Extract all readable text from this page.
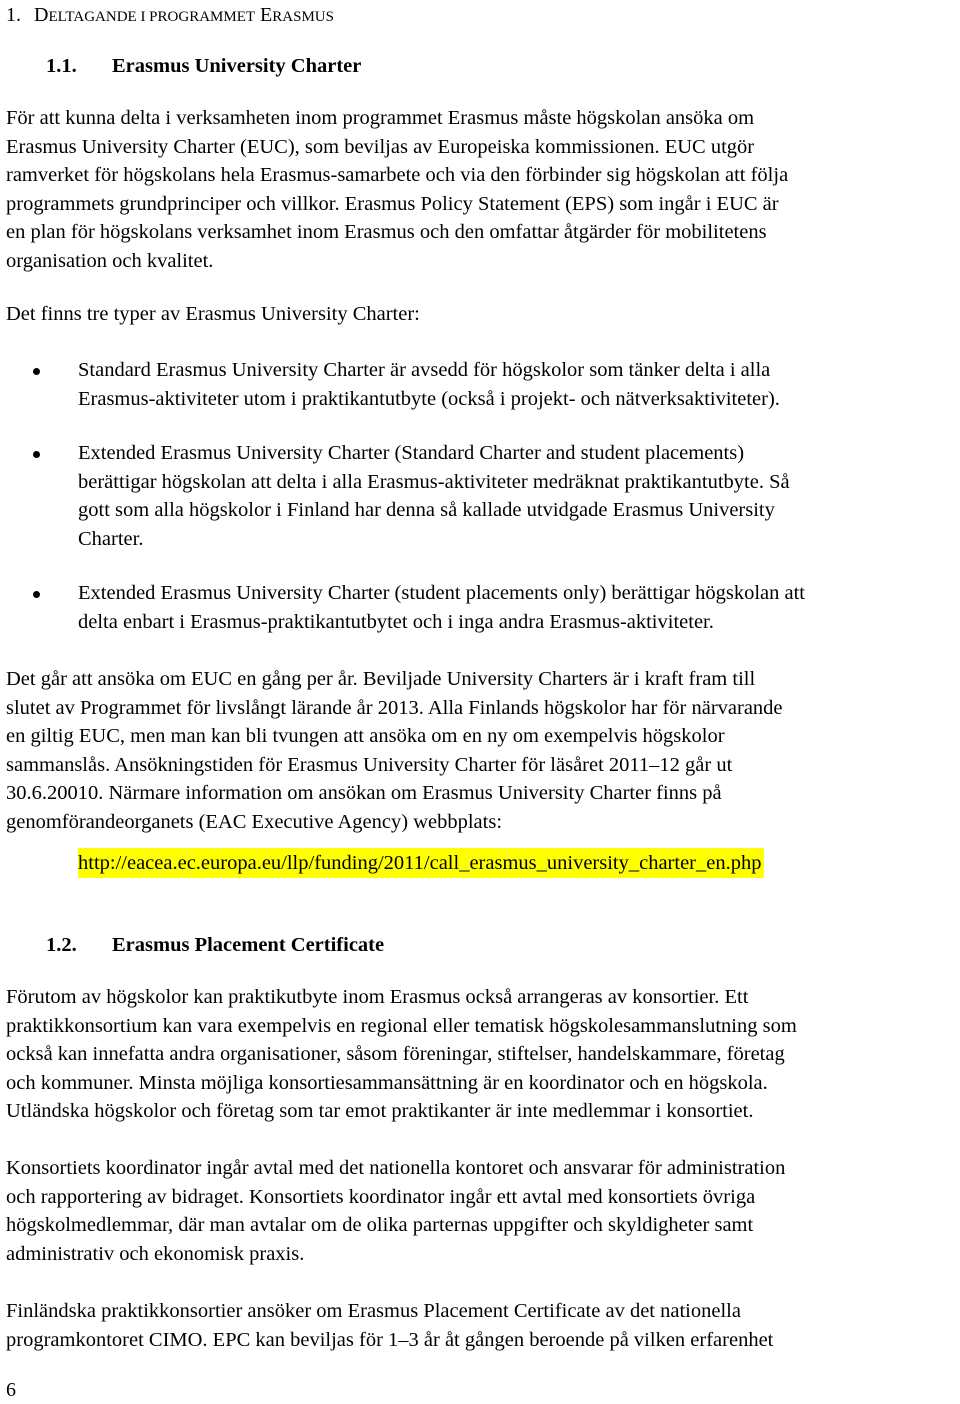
1. DELTAGANDE I PROGRAMMET ERASMUS
1.1. Erasmus University Charter

För att kunna delta i verksamheten inom programmet Erasmus måste högskolan ansöka om
Erasmus University Charter (EUC), som beviljas av Europeiska kommissionen. EUC utgör
ramverket för högskolans hela Erasmus-samarbete och via den förbinder sig högskolan att följa
programmets grundprinciper och villkor. Erasmus Policy Statement (EPS) som ingår i EUC är
en plan för högskolans verksamhet inom Erasmus och den omfattar åtgärder för mobilitetens
organisation och kvalitet.

Det finns tre typer av Erasmus University Charter:

Standard Erasmus University Charter är avsedd för högskolor som tänker delta i alla
Erasmus-aktiviteter utom i praktikantutbyte (också i projekt- och nätverksaktiviteter).
Extended Erasmus University Charter (Standard Charter and student placements)
berättigar högskolan att delta i alla Erasmus-aktiviteter medräknat praktikantutbyte. Så
gott som alla högskolor i Finland har denna så kallade utvidgade Erasmus University
Charter.
Extended Erasmus University Charter (student placements only) berättigar högskolan att
delta enbart i Erasmus-praktikantutbytet och i inga andra Erasmus-aktiviteter.

Det går att ansöka om EUC en gång per år. Beviljade University Charters är i kraft fram till
slutet av Programmet för livslångt lärande år 2013. Alla Finlands högskolor har för närvarande
en giltig EUC, men man kan bli tvungen att ansöka om en ny om exempelvis högskolor
sammanslås. Ansökningstiden för Erasmus University Charter för läsåret 2011–12 går ut
30.6.20010. Närmare information om ansökan om Erasmus University Charter finns på
genomförandeorganets (EAC Executive Agency) webbplats:

http://eacea.ec.europa.eu/llp/funding/2011/call_erasmus_university_charter_en.php
1.2. Erasmus Placement Certificate

Förutom av högskolor kan praktikutbyte inom Erasmus också arrangeras av konsortier. Ett
praktikkonsortium kan vara exempelvis en regional eller tematisk högskolesammanslutning som
också kan innefatta andra organisationer, såsom föreningar, stiftelser, handelskammare, företag
och kommuner. Minsta möjliga konsortiesammansättning är en koordinator och en högskola.
Utländska högskolor och företag som tar emot praktikanter är inte medlemmar i konsortiet.

Konsortiets koordinator ingår avtal med det nationella kontoret och ansvarar för administration
och rapportering av bidraget. Konsortiets koordinator ingår ett avtal med konsortiets övriga
högskolmedlemmar, där man avtalar om de olika parternas uppgifter och skyldigheter samt
administrativ och ekonomisk praxis.

Finländska praktikkonsortier ansöker om Erasmus Placement Certificate av det nationella
programkontoret CIMO. EPC kan beviljas för 1–3 år åt gången beroende på vilken erfarenhet

6
